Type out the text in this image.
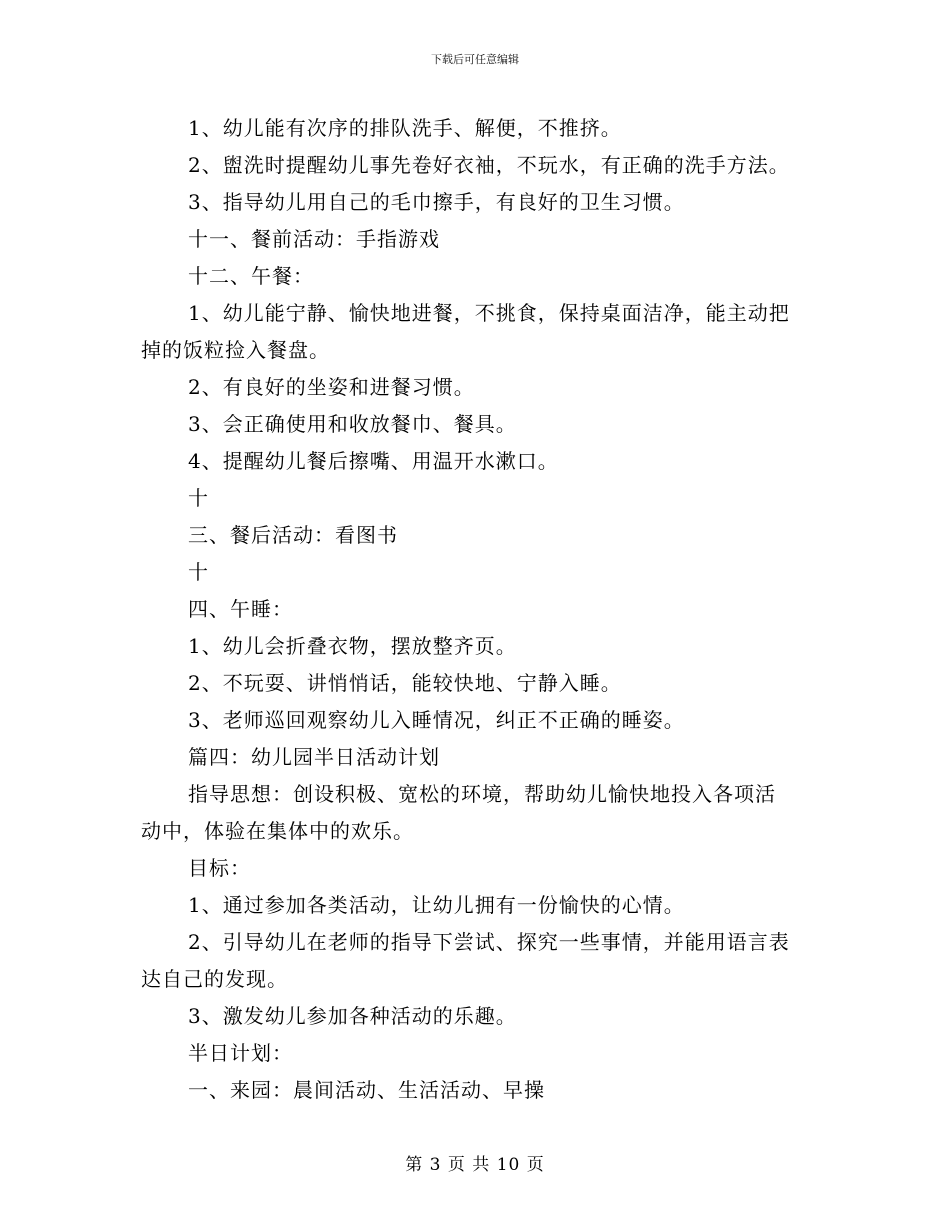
下载后可任意编辑
1、幼儿能有次序的排队洗手、解便，不推挤。
2、盥洗时提醒幼儿事先卷好衣袖，不玩水，有正确的洗手方法。
3、指导幼儿用自己的毛巾擦手，有良好的卫生习惯。
十一、餐前活动：手指游戏
十二、午餐：
1、幼儿能宁静、愉快地进餐，不挑食，保持桌面洁净，能主动把
掉的饭粒捡入餐盘。
2、有良好的坐姿和进餐习惯。
3、会正确使用和收放餐巾、餐具。
4、提醒幼儿餐后擦嘴、用温开水漱口。
十
三、餐后活动：看图书
十
四、午睡：
1、幼儿会折叠衣物，摆放整齐页。
2、不玩耍、讲悄悄话，能较快地、宁静入睡。
3、老师巡回观察幼儿入睡情况，纠正不正确的睡姿。
篇四：幼儿园半日活动计划
指导思想：创设积极、宽松的环境，帮助幼儿愉快地投入各项活
动中，体验在集体中的欢乐。
目标：
1、通过参加各类活动，让幼儿拥有一份愉快的心情。
2、引导幼儿在老师的指导下尝试、探究一些事情，并能用语言表
达自己的发现。
3、激发幼儿参加各种活动的乐趣。
半日计划：
一、来园：晨间活动、生活活动、早操
第 3 页 共 10 页
